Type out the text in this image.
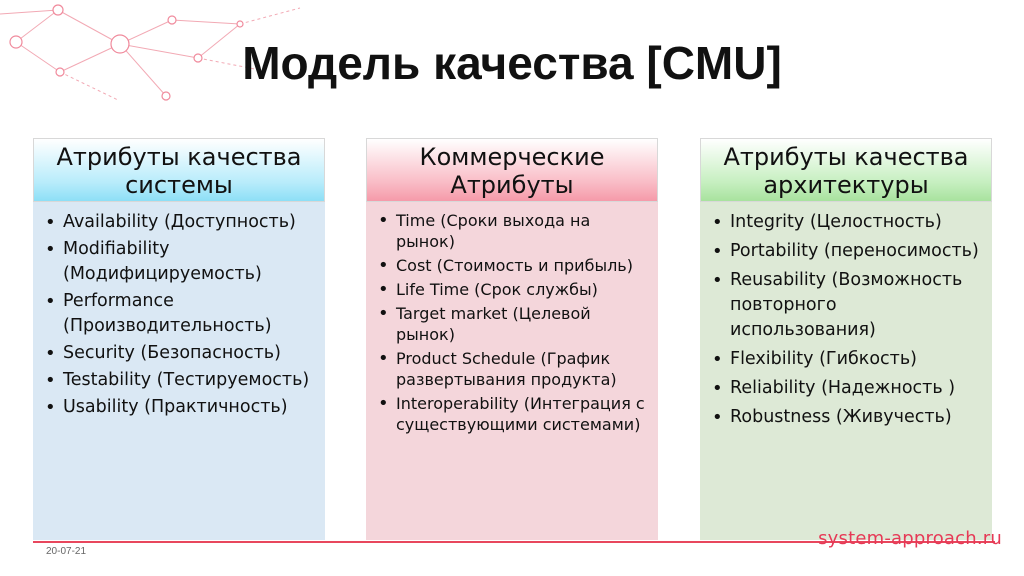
Модель качества [CMU]
Атрибуты качества
системы
• Availability (Доступность)
• Modifiability (Модифицируемость)
• Performance (Производительность)
• Security (Безопасность)
• Testability (Тестируемость)
• Usability (Практичность)
Коммерческие
Атрибуты
• Time (Сроки выхода на рынок)
• Cost (Стоимость и прибыль)
• Life Time (Срок службы)
• Target market (Целевой рынок)
• Product Schedule (График развертывания продукта)
• Interoperability (Интеграция с существующими системами)
Атрибуты качества
архитектуры
• Integrity (Целостность)
• Portability (переносимость)
• Reusability (Возможность повторного использования)
• Flexibility (Гибкость)
• Reliability (Надежность )
• Robustness (Живучесть)
20-07-21
system-approach.ru
